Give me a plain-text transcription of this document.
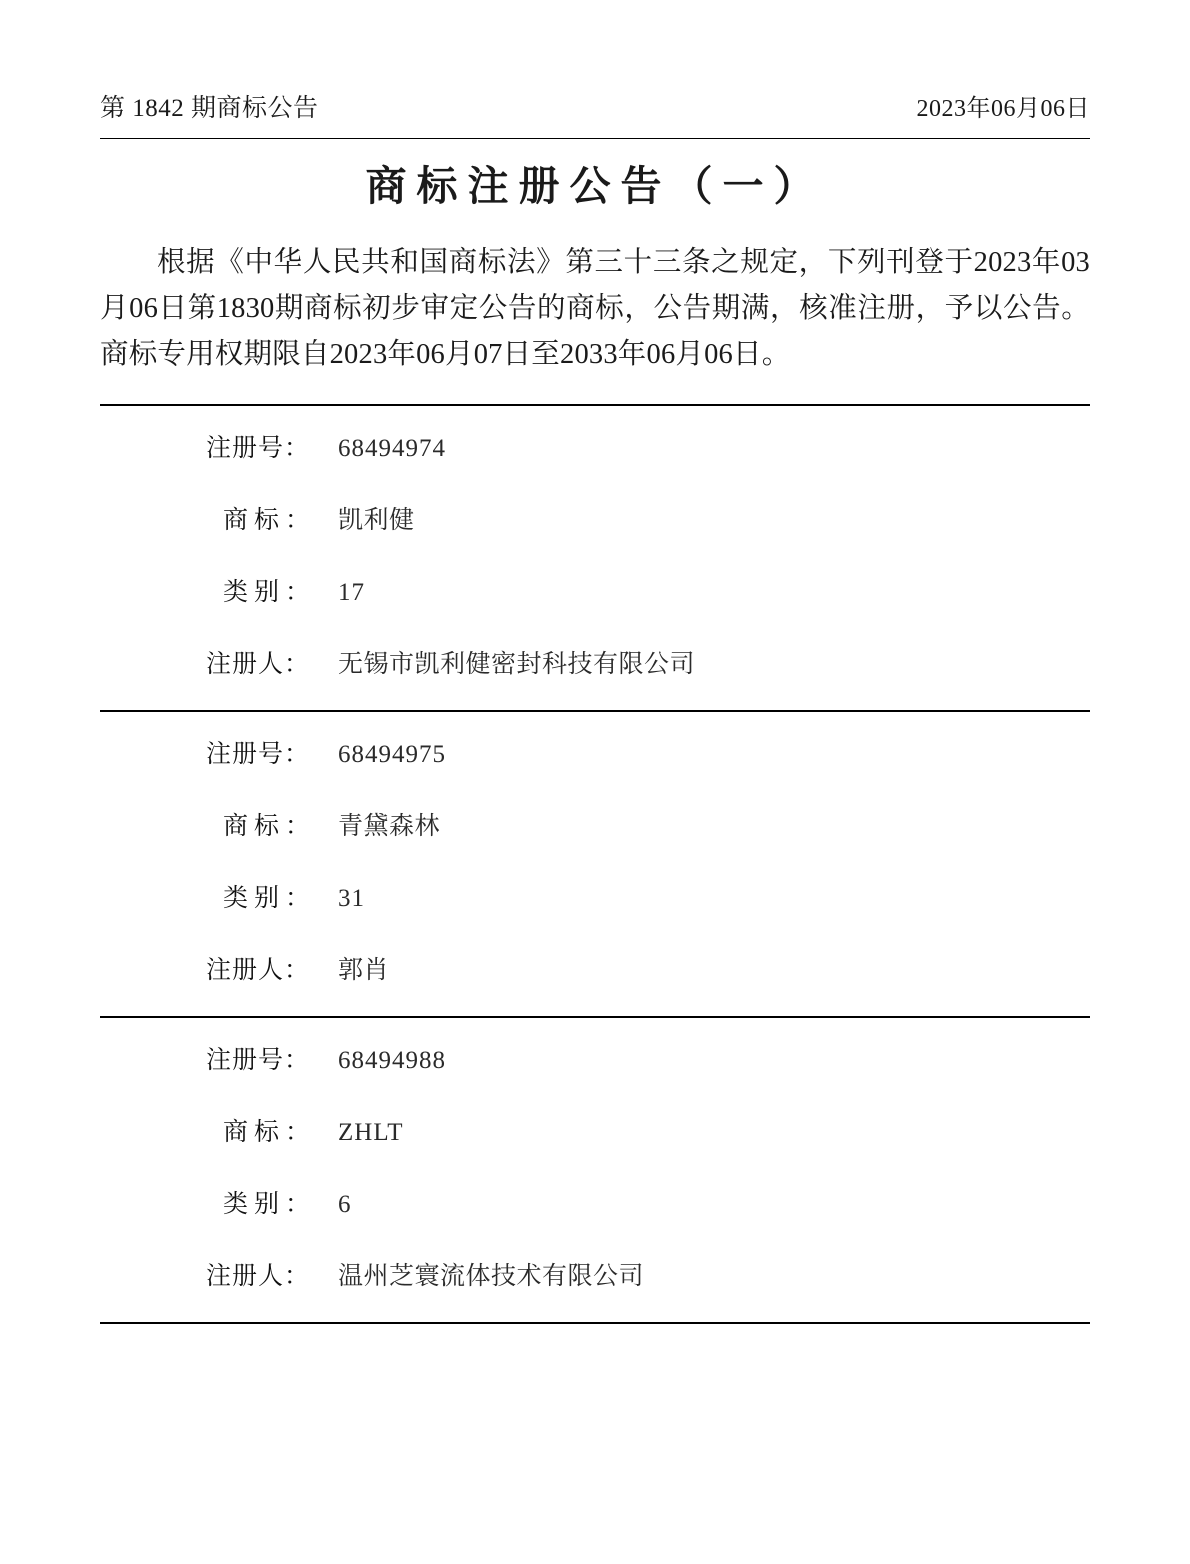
第 1842 期商标公告	2023年06月06日
商标注册公告（一）

根据《中华人民共和国商标法》第三十三条之规定，下列刊登于2023年03月06日第1830期商标初步审定公告的商标，公告期满，核准注册，予以公告。商标专用权期限自2023年06月07日至2033年06月06日。

注册号：	68494974
商标： 凯利健
类别： 17
注册人：	无锡市凯利健密封科技有限公司
注册号：	68494975
商标： 青黛森林
类别： 31
注册人：	郭肖
注册号：	68494988
商标： ZHLT
类别： 6
注册人：	温州芝寰流体技术有限公司
